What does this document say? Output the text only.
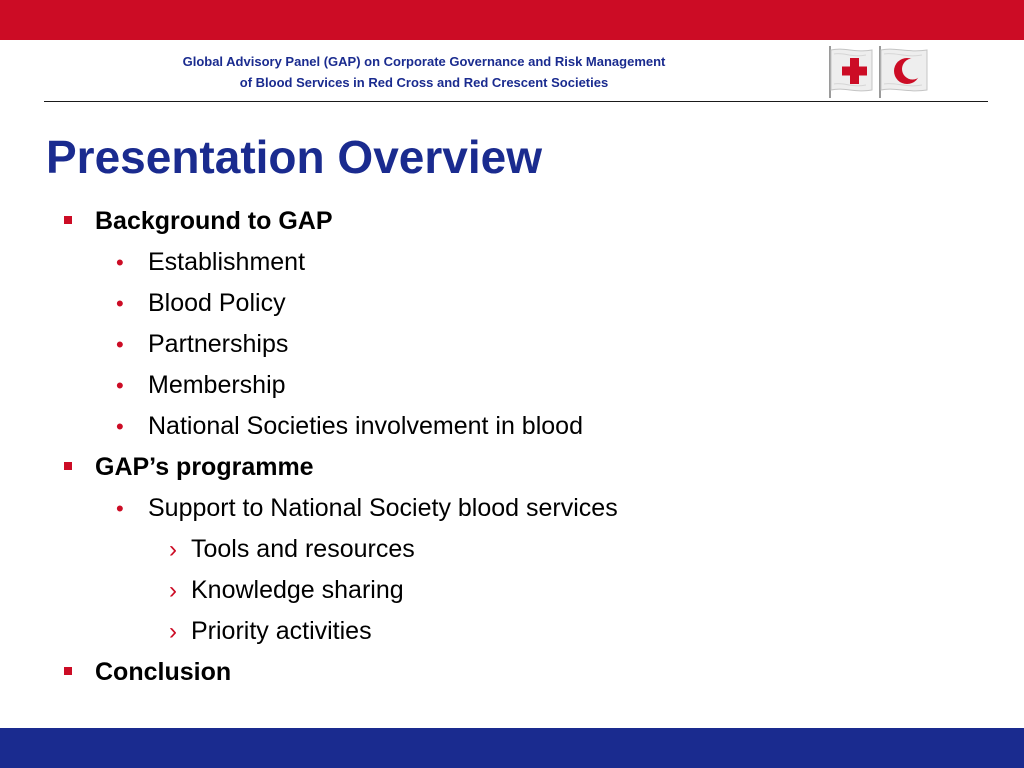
Global Advisory Panel (GAP) on Corporate Governance and Risk Management
of Blood Services in Red Cross and Red Crescent Societies
Presentation Overview
Background to GAP
• Establishment
• Blood Policy
• Partnerships
• Membership
• National Societies involvement in blood
GAP’s programme
• Support to National Society blood services
› Tools and resources
› Knowledge sharing
› Priority activities
Conclusion
